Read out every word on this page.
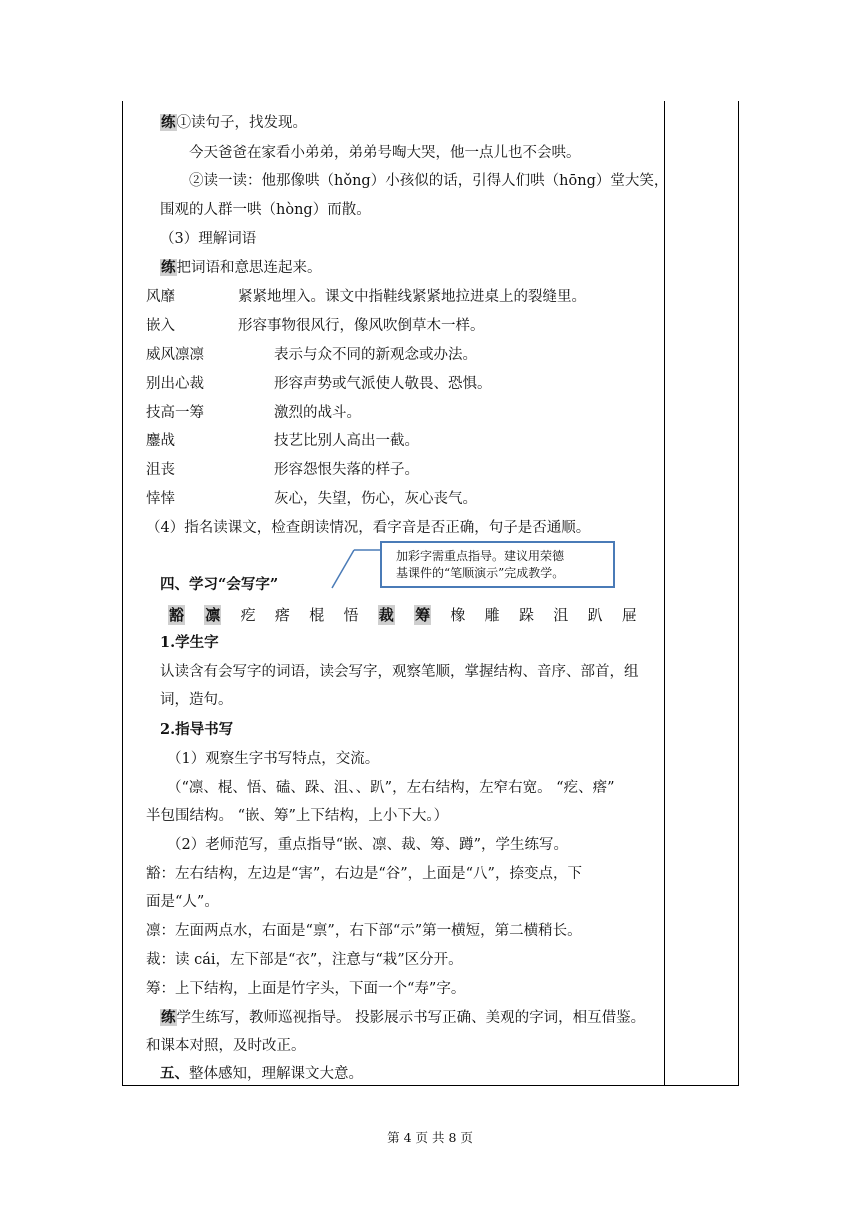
练①读句子，找发现。
今天爸爸在家看小弟弟，弟弟号啕大哭，他一点儿也不会哄。
②读一读：他那像哄（hǒng）小孩似的话，引得人们哄（hōng）堂大笑，
围观的人群一哄（hòng）而散。
（3）理解词语
练把词语和意思连起来。
风靡
嵌入
威风凛凛
别出心裁
技高一筹
鏖战
沮丧
悻悻
紧紧地埋入。课文中指鞋线紧紧地拉进桌上的裂缝里。
形容事物很风行，像风吹倒草木一样。
表示与众不同的新观念或办法。
形容声势或气派使人敬畏、恐惧。
激烈的战斗。
技艺比别人高出一截。
形容怨恨失落的样子。
灰心，失望，伤心，灰心丧气。
（4）指名读课文，检查朗读情况，看字音是否正确，句子是否通顺。
四、学习“会写字”
加彩字需重点指导。建议用荣德
基课件的“笔顺演示”完成教学。
豁 凛 疙 瘩 棍 悟 裁 筹 橡 雕 跺 沮 趴 屉
1.学生字
认读含有会写字的词语，读会写字，观察笔顺，掌握结构、音序、部首，组
词，造句。
2.指导书写
（1）观察生字书写特点，交流。
（“凛、棍、悟、磕、跺、沮、、趴”，左右结构，左窄右宽。 “疙、瘩”
半包围结构。 “嵌、筹”上下结构，上小下大。）
（2）老师范写，重点指导“嵌、凛、裁、筹、蹲”，学生练写。
豁：左右结构，左边是“害”，右边是“谷”，上面是“八”，捺变点，下
面是“人”。
凛：左面两点水，右面是“禀”，右下部“示”第一横短，第二横稍长。
裁：读 cái，左下部是“衣”，注意与“栽”区分开。
筹：上下结构，上面是竹字头，下面一个“寿”字。
练学生练写，教师巡视指导。 投影展示书写正确、美观的字词，相互借鉴。
和课本对照，及时改正。
五、整体感知，理解课文大意。
第 4 页 共 8 页
